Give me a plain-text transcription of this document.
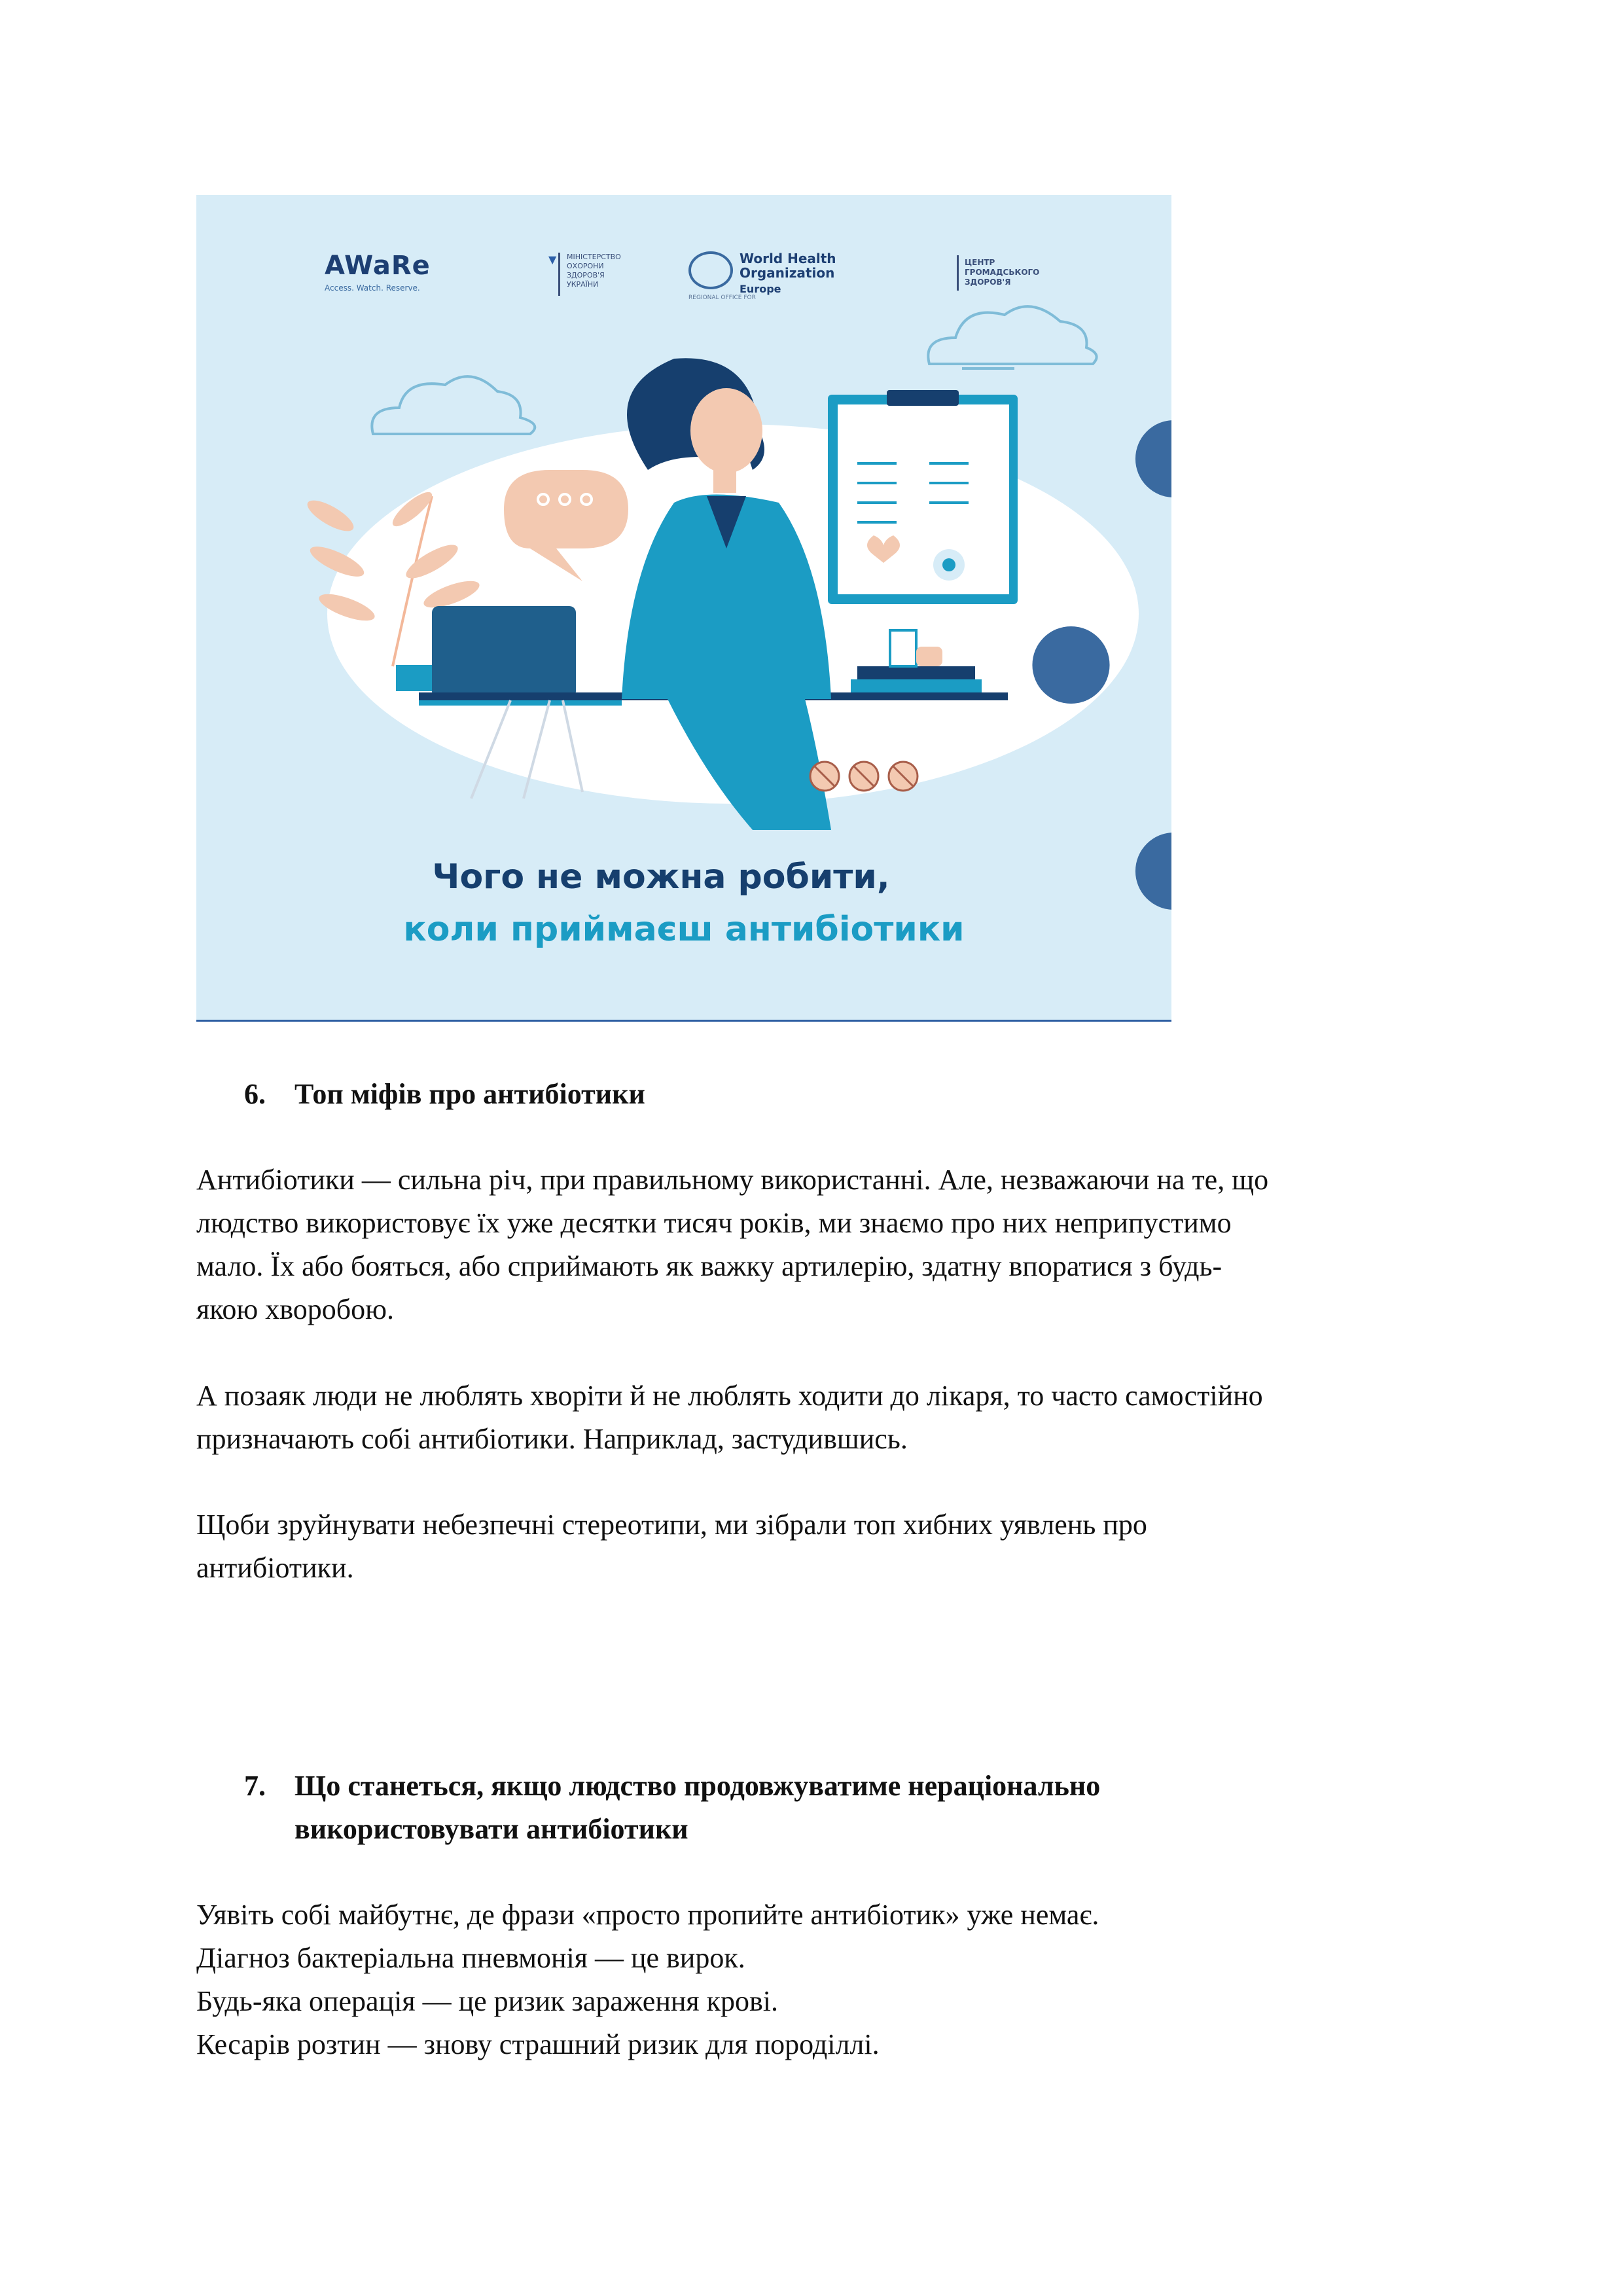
AWaRe
Access. Watch. Reserve.
▼ МІНІСТЕРСТВО
ОХОРОНИ
ЗДОРОВ'Я
УКРАЇНИ
World Health
Organization
REGIONAL OFFICE FOR
Europe
ЦЕНТР
ГРОМАДСЬКОГО
ЗДОРОВ'Я
Чого не можна робити,
коли приймаєш антибіотики
6. Топ міфів про антибіотики

Антибіотики — сильна річ, при правильному використанні. Але, незважаючи на те, що
людство використовує їх уже десятки тисяч років, ми знаємо про них неприпустимо
мало. Їх або бояться, або сприймають як важку артилерію, здатну впоратися з будь-
якою хворобою.

А позаяк люди не люблять хворіти й не люблять ходити до лікаря, то часто самостійно
призначають собі антибіотики. Наприклад, застудившись.

Щоби зруйнувати небезпечні стереотипи, ми зібрали топ хибних уявлень про
антибіотики.

7. Що станеться, якщо людство продовжуватиме нераціонально
використовувати антибіотики

Уявіть собі майбутнє, де фрази «просто пропийте антибіотик» уже немає.
Діагноз бактеріальна пневмонія — це вирок.
Будь-яка операція — це ризик зараження крові.
Кесарів розтин — знову страшний ризик для породіллі.
